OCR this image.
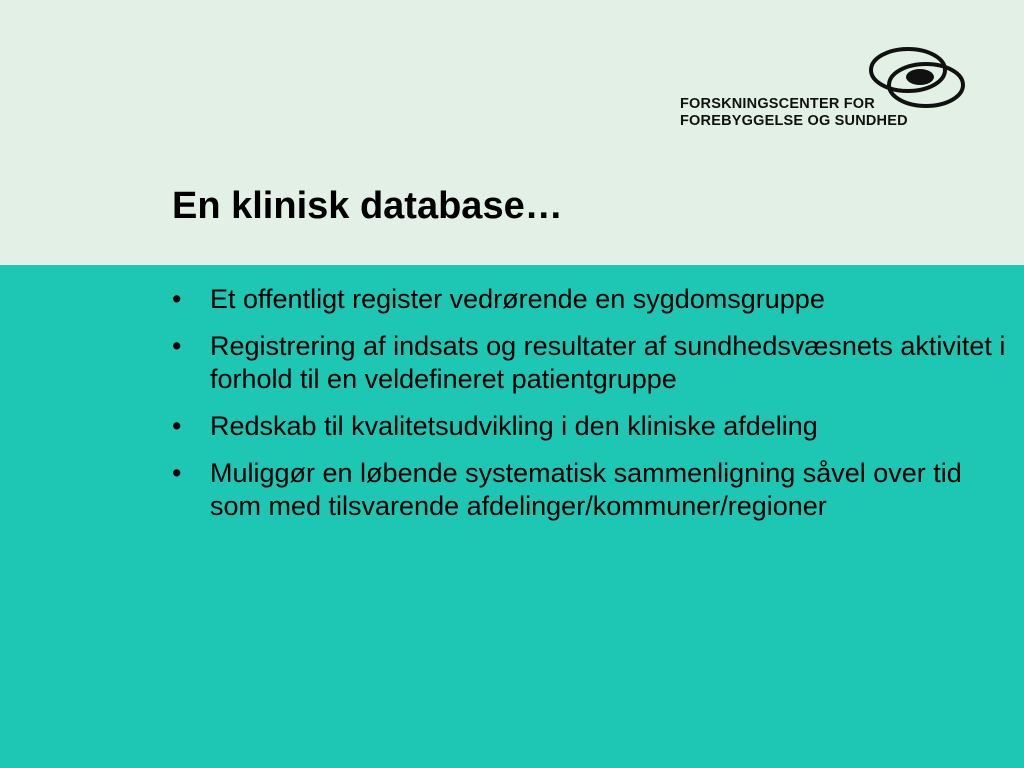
FORSKNINGSCENTER FOR
FOREBYGGELSE OG SUNDHED
En klinisk database…
• Et offentligt register vedrørende en sygdomsgruppe
• Registrering af indsats og resultater af sundhedsvæsnets aktivitet i forhold til en veldefineret patientgruppe
• Redskab til kvalitetsudvikling i den kliniske afdeling
• Muliggør en løbende systematisk sammenligning såvel over tid som med tilsvarende afdelinger/kommuner/regioner
